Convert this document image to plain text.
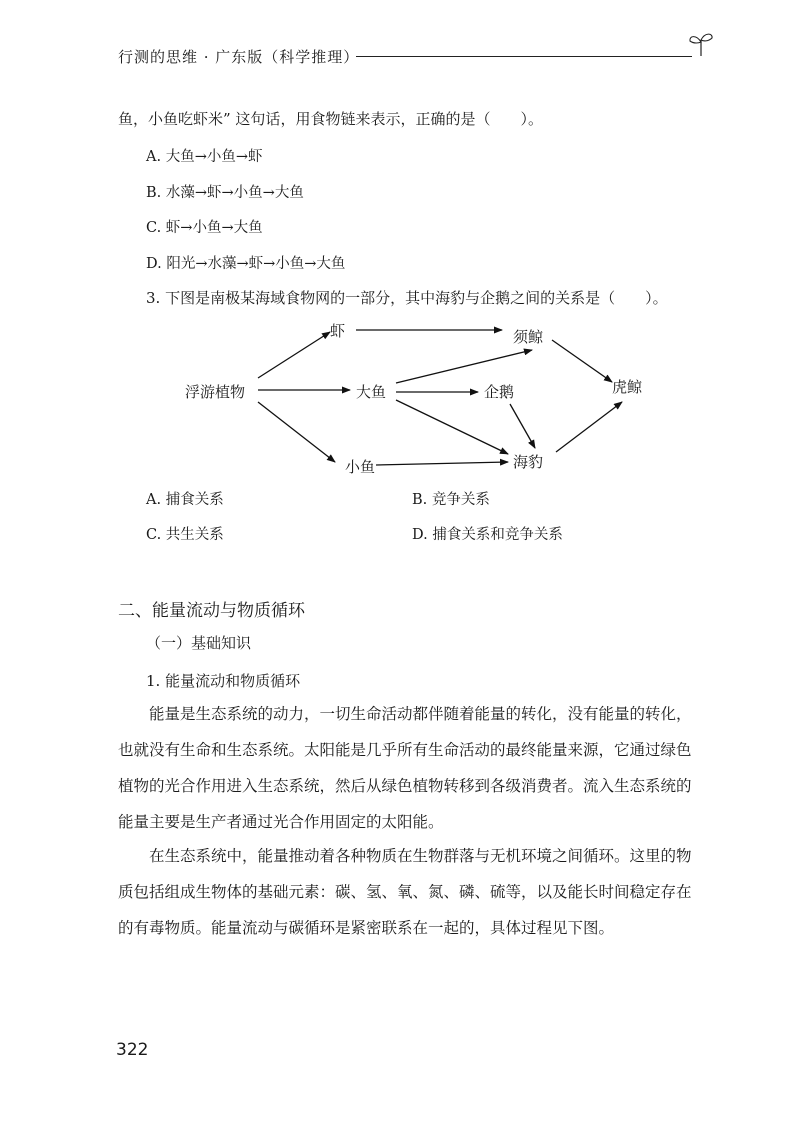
行测的思维 · 广东版（科学推理）
鱼，小鱼吃虾米” 这句话，用食物链来表示，正确的是（　　）。
A. 大鱼→小鱼→虾
B. 水藻→虾→小鱼→大鱼
C. 虾→小鱼→大鱼
D. 阳光→水藻→虾→小鱼→大鱼
3. 下图是南极某海域食物网的一部分，其中海豹与企鹅之间的关系是（　　）。
浮游植物
虾
大鱼
小鱼
须鲸
企鹅
海豹
虎鲸
A. 捕食关系	B. 竞争关系
C. 共生关系	D. 捕食关系和竞争关系
二、能量流动与物质循环
（一）基础知识
1. 能量流动和物质循环
　　能量是生态系统的动力，一切生命活动都伴随着能量的转化，没有能量的转化，
也就没有生命和生态系统。太阳能是几乎所有生命活动的最终能量来源，它通过绿色
植物的光合作用进入生态系统，然后从绿色植物转移到各级消费者。流入生态系统的
能量主要是生产者通过光合作用固定的太阳能。
　　在生态系统中，能量推动着各种物质在生物群落与无机环境之间循环。这里的物
质包括组成生物体的基础元素：碳、氢、氧、氮、磷、硫等，以及能长时间稳定存在
的有毒物质。能量流动与碳循环是紧密联系在一起的，具体过程见下图。
322
